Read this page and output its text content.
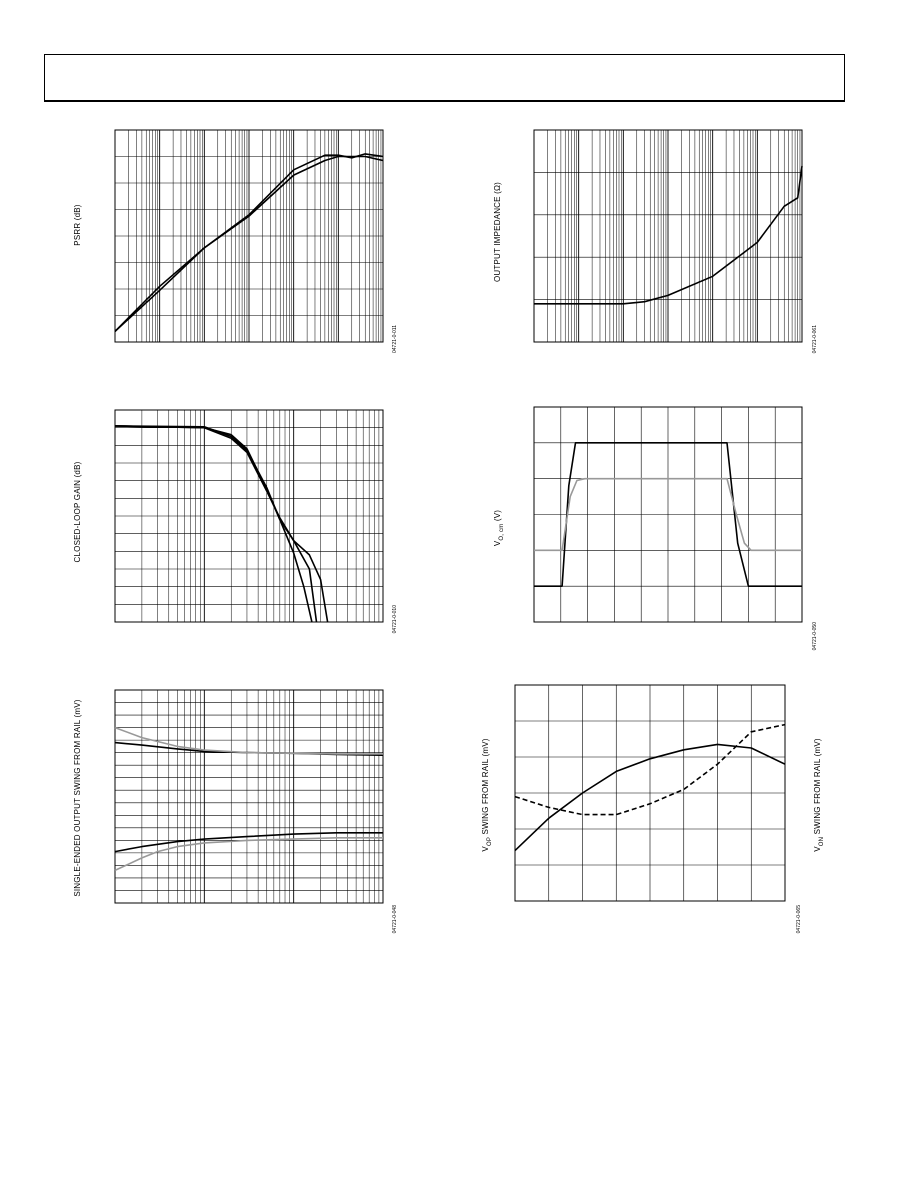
PSRR (dB)
04721-0-011
OUTPUT IMPEDANCE (Ω)
04721-0-061
CLOSED-LOOP GAIN (dB)
04721-0-010
$V_{O, cm}$ (V)
04721-0-050
SINGLE-ENDED OUTPUT SWING FROM RAIL (mV)
04721-0-048
$V_{OP}$ SWING FROM RAIL (mV)
04721-0-065
$V_{ON}$ SWING FROM RAIL (mV)
